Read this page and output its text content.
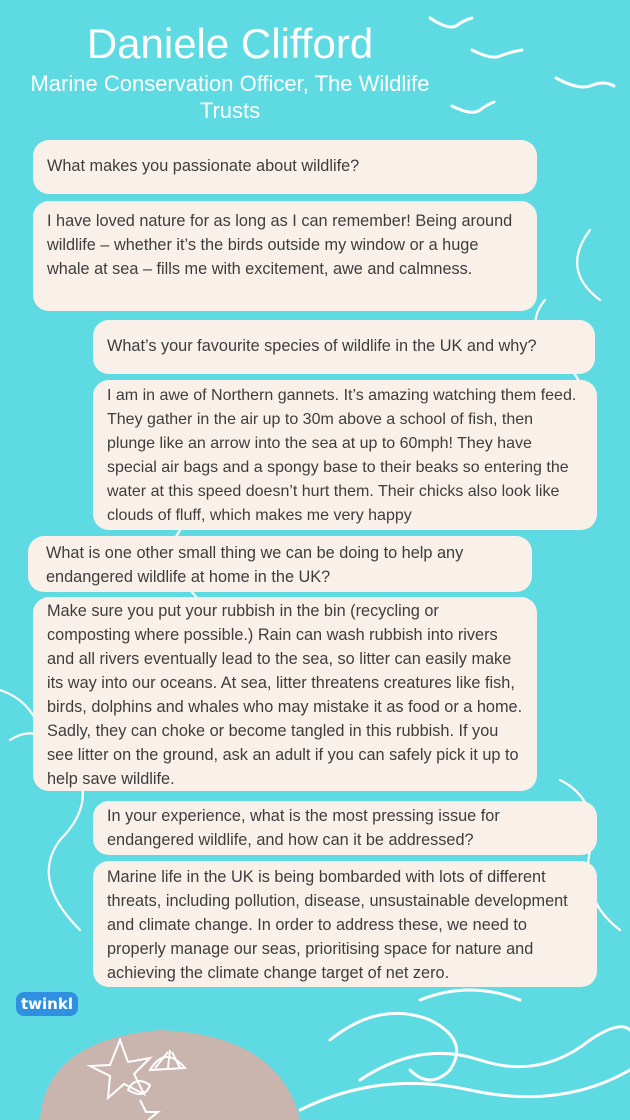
Daniele Clifford

Marine Conservation Officer, The Wildlife Trusts

What makes you passionate about wildlife?

I have loved nature for as long as I can remember! Being around wildlife – whether it’s the birds outside my window or a huge whale at sea – fills me with excitement, awe and calmness.

What’s your favourite species of wildlife in the UK and why?

I am in awe of Northern gannets. It’s amazing watching them feed. They gather in the air up to 30m above a school of fish, then plunge like an arrow into the sea at up to 60mph! They have special air bags and a spongy base to their beaks so entering the water at this speed doesn’t hurt them. Their chicks also look like clouds of fluff, which makes me very happy

What is one other small thing we can be doing to help any endangered wildlife at home in the UK?

Make sure you put your rubbish in the bin (recycling or composting where possible.) Rain can wash rubbish into rivers and all rivers eventually lead to the sea, so litter can easily make its way into our oceans. At sea, litter threatens creatures like fish, birds, dolphins and whales who may mistake it as food or a home. Sadly, they can choke or become tangled in this rubbish. If you see litter on the ground, ask an adult if you can safely pick it up to help save wildlife.

In your experience, what is the most pressing issue for endangered wildlife, and how can it be addressed?

Marine life in the UK is being bombarded with lots of different threats, including pollution, disease, unsustainable development and climate change. In order to address these, we need to properly manage our seas, prioritising space for nature and achieving the climate change target of net zero.

twinkl
